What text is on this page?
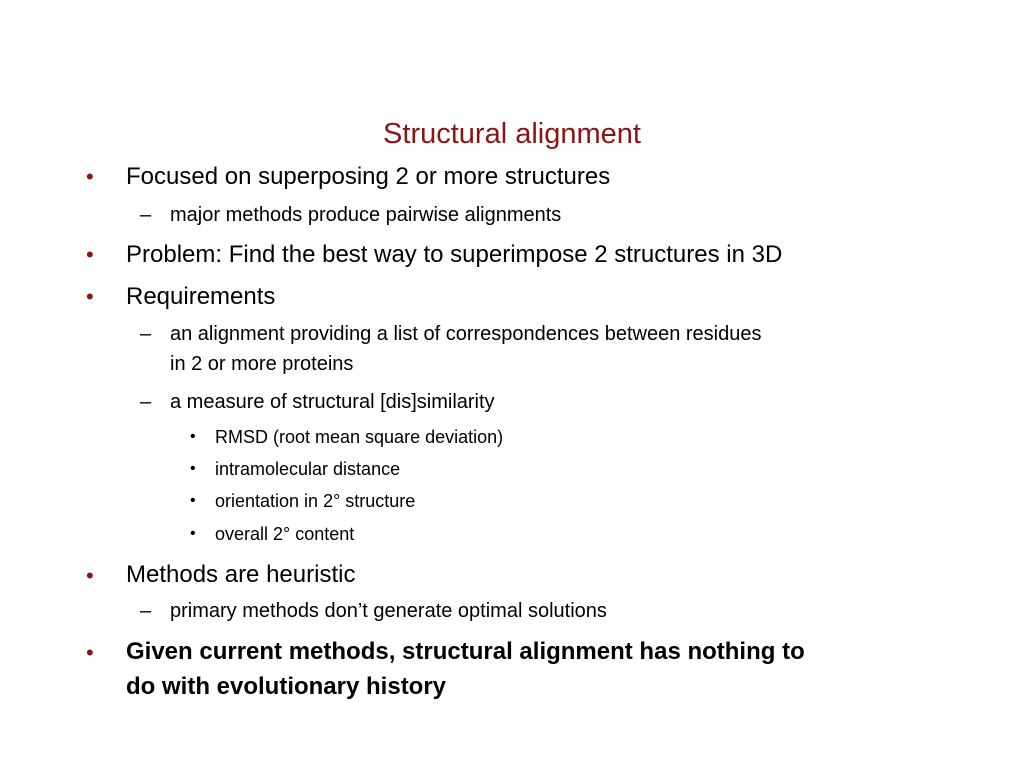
Structural alignment
• Focused on superposing 2 or more structures
– major methods produce pairwise alignments
• Problem: Find the best way to superimpose 2 structures in 3D
• Requirements
– an alignment providing a list of correspondences between residues
in 2 or more proteins
– a measure of structural [dis]similarity
• RMSD (root mean square deviation)
• intramolecular distance
• orientation in 2° structure
• overall 2° content
• Methods are heuristic
– primary methods don’t generate optimal solutions
• Given current methods, structural alignment has nothing to
do with evolutionary history
